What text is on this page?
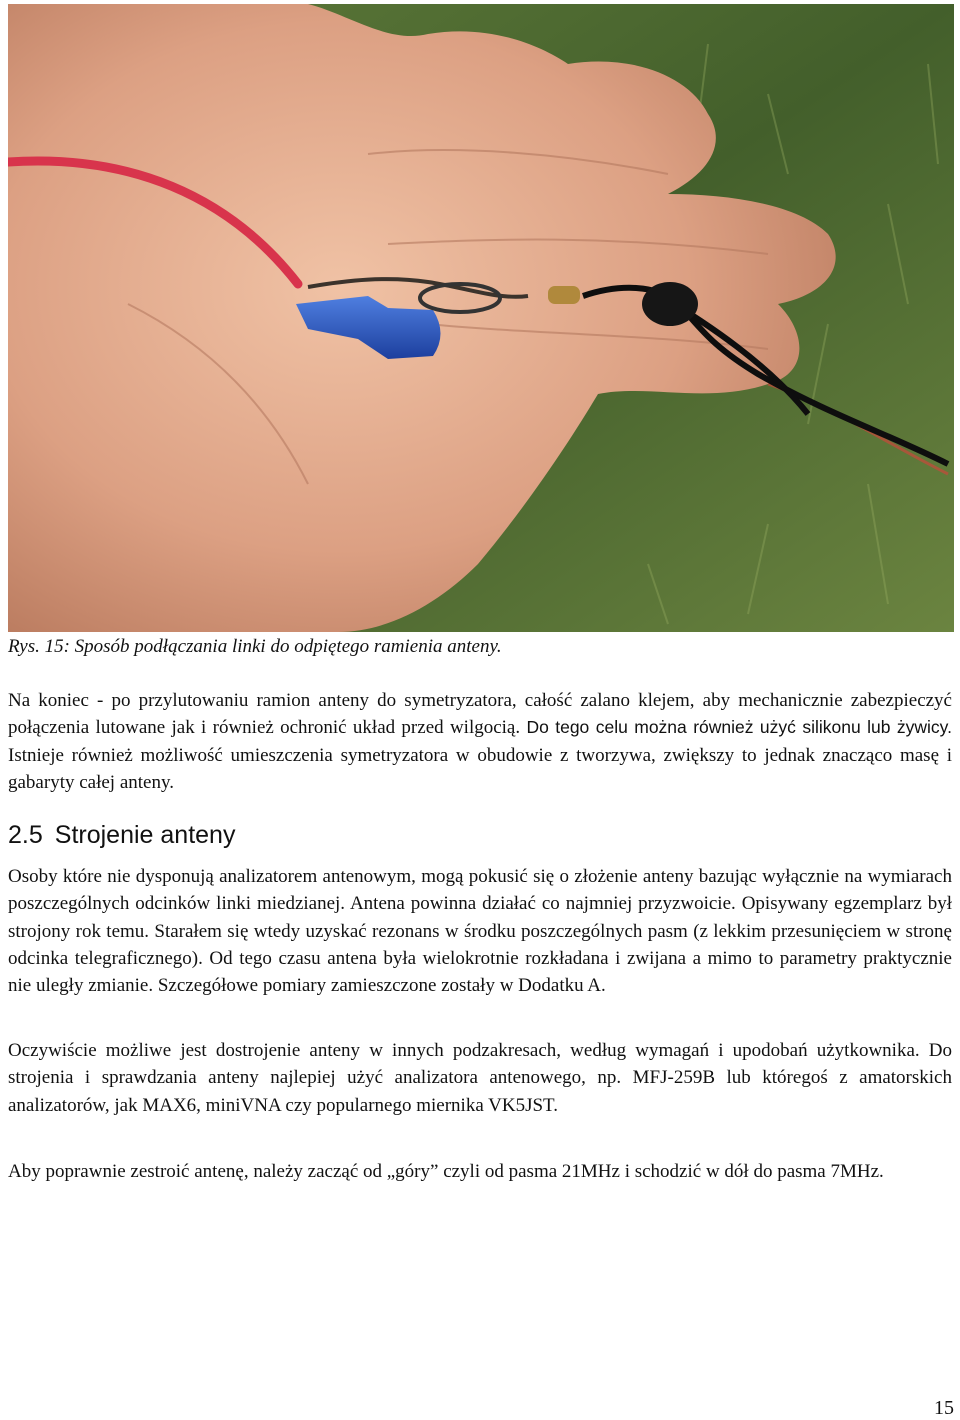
Rys. 15: Sposób podłączania linki do odpiętego ramienia anteny.

Na koniec - po przylutowaniu ramion anteny do symetryzatora, całość zalano klejem, aby mechanicznie zabezpieczyć połączenia lutowane jak i również ochronić układ przed wilgocią. Do tego celu można również użyć silikonu lub żywicy. Istnieje również możliwość umieszczenia symetryzatora w obudowie z tworzywa, zwiększy to jednak znacząco masę i gabaryty całej anteny.

2.5 Strojenie anteny

Osoby które nie dysponują analizatorem antenowym, mogą pokusić się o złożenie anteny bazując wyłącznie na wymiarach poszczególnych odcinków linki miedzianej. Antena powinna działać co najmniej przyzwoicie. Opisywany egzemplarz był strojony rok temu. Starałem się wtedy uzyskać rezonans w środku poszczególnych pasm (z lekkim przesunięciem w stronę odcinka telegraficznego). Od tego czasu antena była wielokrotnie rozkładana i zwijana a mimo to parametry praktycznie nie uległy zmianie. Szczegółowe pomiary zamieszczone zostały w Dodatku A.

Oczywiście możliwe jest dostrojenie anteny w innych podzakresach, według wymagań i upodobań użytkownika. Do strojenia i sprawdzania anteny najlepiej użyć analizatora antenowego, np. MFJ-259B lub któregoś z amatorskich analizatorów, jak MAX6, miniVNA czy popularnego miernika VK5JST.

Aby poprawnie zestroić antenę, należy zacząć od „góry” czyli od pasma 21MHz i schodzić w dół do pasma 7MHz.

15
